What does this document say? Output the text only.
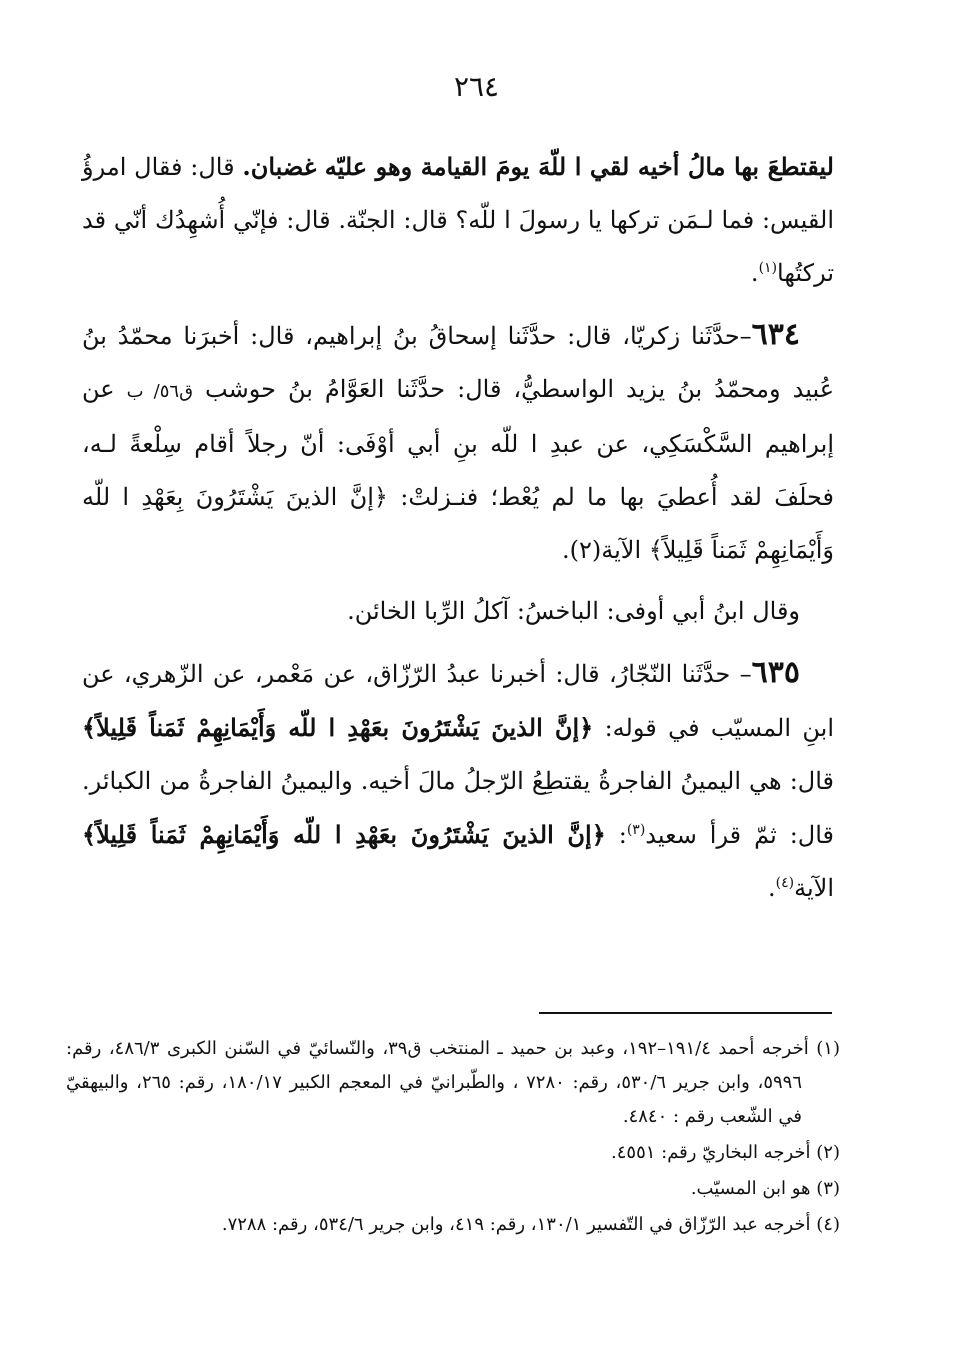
٢٦٤

ليقتطعَ بها مالُ أخيه لقي ا للّهَ يومَ القيامة وهو عليّه غضبان. قال: فقال امرؤُ القيس: فما لـمَن تركها يا رسولَ ا للّه؟ قال: الجنّة. قال: فإنّي أُشهِدُك أنّي قد تركتُها$^{(١)}$.

٦٣٤–حدَّثَنا زكريّا، قال: حدَّثَنا إسحاقُ بنُ إبراهيم، قال: أخبرَنا محمّدُ بنُ عُبيد ومحمّدُ بنُ يزيد الواسطيُّ، قال: حدَّثَنا العَوَّامُ بنُ حوشب ق٥٦/ ب عن إبراهيم السَّكْسَكِي، عن عبدِ ا للّه بنِ أبي أوْفَى: أنّ رجلاً أقام سِلْعةً لـه، فحلَفَ لقد أُعطيَ بها ما لم يُعْط؛ فنـزلتْ: ﴿إنَّ الذينَ يَشْتَرُونَ بِعَهْدِ ا للّه وَأَيْمَانِهِمْ ثَمَناً قَلِيلاً﴾ الآية(٢).

وقال ابنُ أبي أوفى: الباخسُ: آكلُ الرِّبا الخائن.

٦٣٥– حدَّثَنا النّجّارُ، قال: أخبرنا عبدُ الرّزّاق، عن مَعْمر، عن الزّهري، عن ابنِ المسيّب في قوله: ﴿إنَّ الذينَ يَشْتَرُونَ بعَهْدِ ا للّه وَأَيْمَانِهِمْ ثَمَناً قَلِيلاً﴾ قال: هي اليمينُ الفاجرةُ يقتطِعُ الرّجلُ مالَ أخيه. واليمينُ الفاجرةُ من الكبائر. قال: ثمّ قرأ سعيد$^{(٣)}$: ﴿إنَّ الذينَ يَشْتَرُونَ بعَهْدِ ا للّه وَأَيْمَانِهِمْ ثَمَناً قَلِيلاً﴾ الآية$^{(٤)}$.

(١) أخرجه أحمد ١٩١/٤–١٩٢، وعبد بن حميد ـ المنتخب ق٣٩، والنّسائيّ في السّنن الكبرى ٤٨٦/٣، رقم: ٥٩٩٦، وابن جرير ٥٣٠/٦، رقم: ٧٢٨٠ ، والطّبرانيّ في المعجم الكبير ١٨٠/١٧، رقم: ٢٦٥، والبيهقيّ في الشّعب رقم : ٤٨٤٠.

(٢) أخرجه البخاريّ رقم: ٤٥٥١.

(٣) هو ابن المسيّب.

(٤) أخرجه عبد الرّزّاق في التّفسير ١٣٠/١، رقم: ٤١٩، وابن جرير ٥٣٤/٦، رقم: ٧٢٨٨.
